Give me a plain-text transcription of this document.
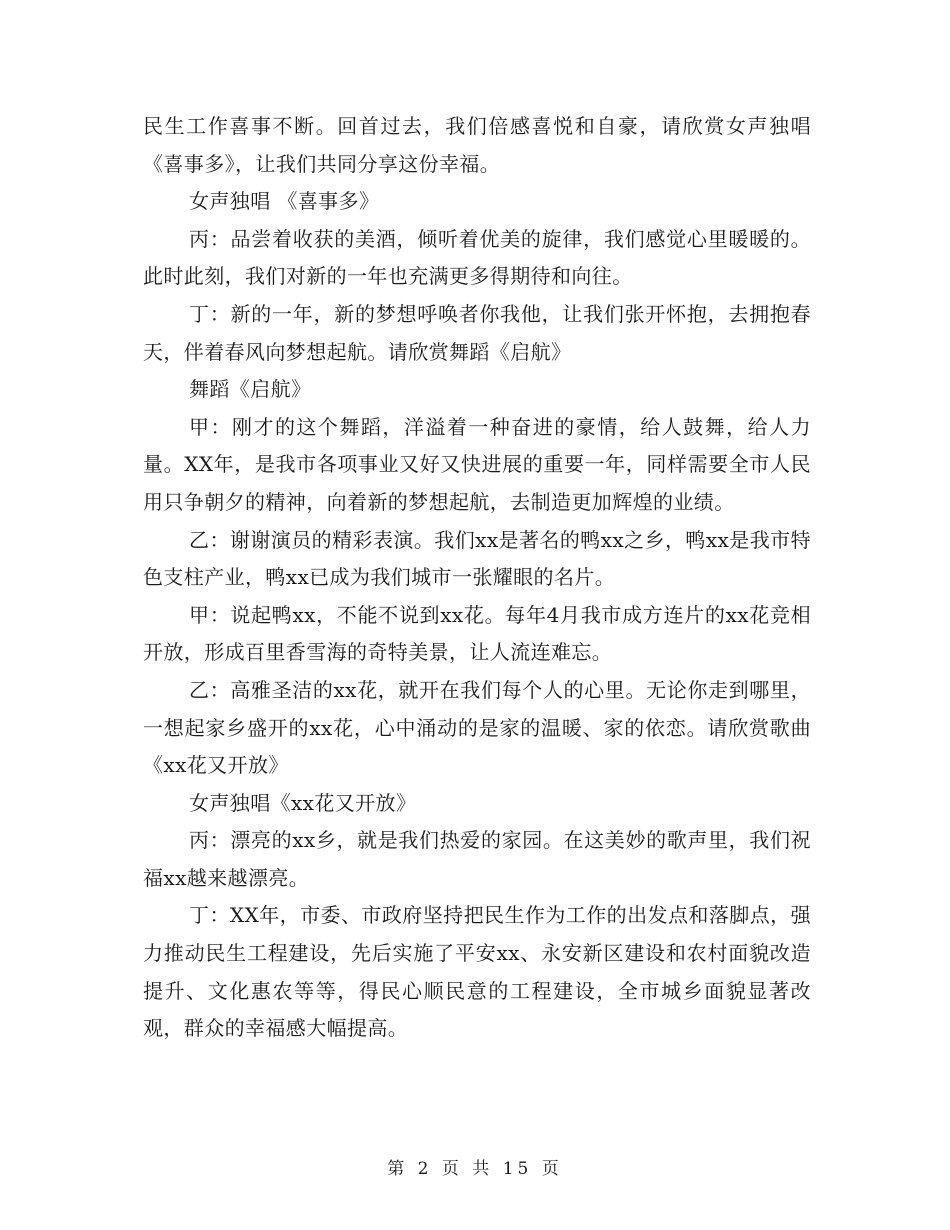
民生工作喜事不断。回首过去，我们倍感喜悦和自豪，请欣赏女声独唱《喜事多》，让我们共同分享这份幸福。

女声独唱 《喜事多》

丙：品尝着收获的美酒，倾听着优美的旋律，我们感觉心里暖暖的。此时此刻，我们对新的一年也充满更多得期待和向往。

丁：新的一年，新的梦想呼唤者你我他，让我们张开怀抱，去拥抱春天，伴着春风向梦想起航。请欣赏舞蹈《启航》

舞蹈《启航》

甲：刚才的这个舞蹈，洋溢着一种奋进的豪情，给人鼓舞，给人力量。XX年，是我市各项事业又好又快进展的重要一年，同样需要全市人民用只争朝夕的精神，向着新的梦想起航，去制造更加辉煌的业绩。

乙：谢谢演员的精彩表演。我们xx是著名的鸭xx之乡，鸭xx是我市特色支柱产业，鸭xx已成为我们城市一张耀眼的名片。

甲：说起鸭xx，不能不说到xx花。每年4月我市成方连片的xx花竞相开放，形成百里香雪海的奇特美景，让人流连难忘。

乙：高雅圣洁的xx花，就开在我们每个人的心里。无论你走到哪里，一想起家乡盛开的xx花，心中涌动的是家的温暖、家的依恋。请欣赏歌曲《xx花又开放》

女声独唱《xx花又开放》

丙：漂亮的xx乡，就是我们热爱的家园。在这美妙的歌声里，我们祝福xx越来越漂亮。

丁：XX年，市委、市政府坚持把民生作为工作的出发点和落脚点，强力推动民生工程建设，先后实施了平安xx、永安新区建设和农村面貌改造提升、文化惠农等等，得民心顺民意的工程建设，全市城乡面貌显著改观，群众的幸福感大幅提高。

第 2 页 共 15 页
